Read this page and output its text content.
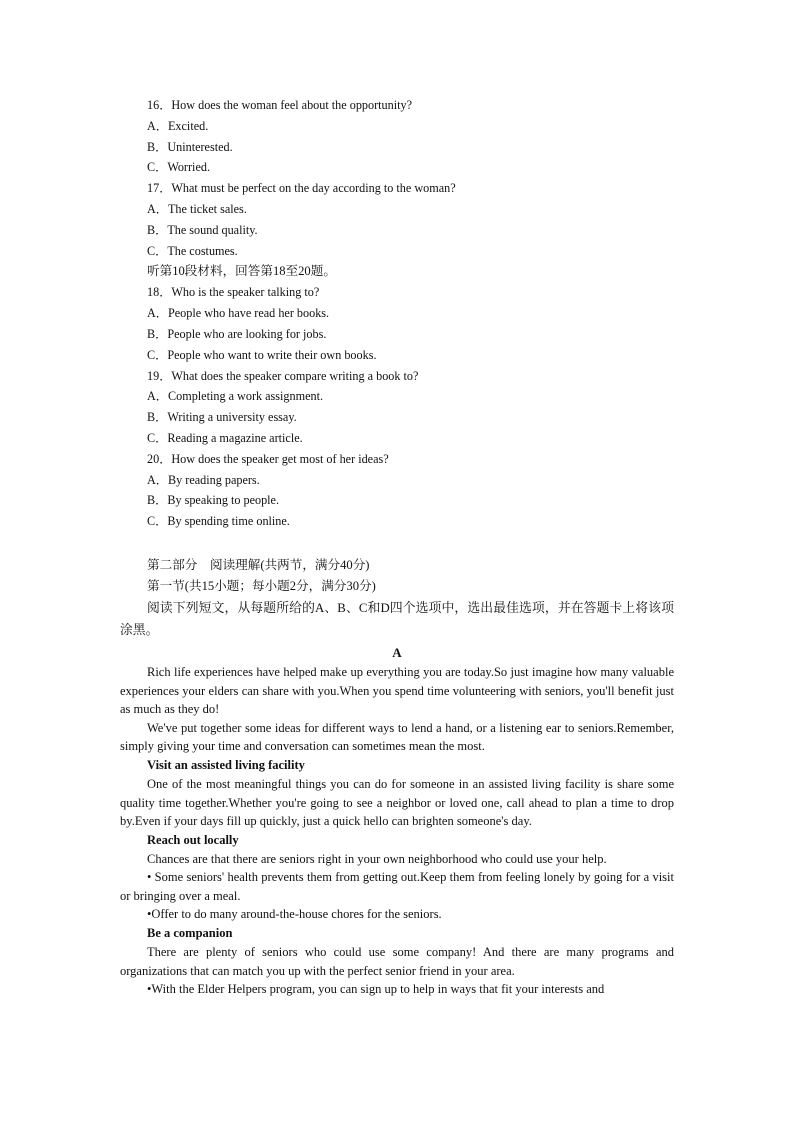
16．How does the woman feel about the opportunity?

A．Excited.

B．Uninterested.

C．Worried.

17．What must be perfect on the day according to the woman?

A．The ticket sales.

B．The sound quality.

C．The costumes.

听第10段材料，回答第18至20题。

18．Who is the speaker talking to?

A．People who have read her books.

B．People who are looking for jobs.

C．People who want to write their own books.

19．What does the speaker compare writing a book to?

A．Completing a work assignment.

B．Writing a university essay.

C．Reading a magazine article.

20．How does the speaker get most of her ideas?

A．By reading papers.

B．By speaking to people.

C．By spending time online.

第二部分　阅读理解(共两节，满分40分)

第一节(共15小题；每小题2分，满分30分)

阅读下列短文，从每题所给的A、B、C和D四个选项中，选出最佳选项，并在答题卡上将该项涂黑。

A

Rich life experiences have helped make up everything you are today.So just imagine how many valuable experiences your elders can share with you.When you spend time volunteering with seniors, you'll benefit just as much as they do!

We've put together some ideas for different ways to lend a hand, or a listening ear to seniors.Remember, simply giving your time and conversation can sometimes mean the most.

Visit an assisted living facility

One of the most meaningful things you can do for someone in an assisted living facility is share some quality time together.Whether you're going to see a neighbor or loved one, call ahead to plan a time to drop by.Even if your days fill up quickly, just a quick hello can brighten someone's day.

Reach out locally

Chances are that there are seniors right in your own neighborhood who could use your help.

• Some seniors' health prevents them from getting out.Keep them from feeling lonely by going for a visit or bringing over a meal.

•Offer to do many around-the-house chores for the seniors.

Be a companion

There are plenty of seniors who could use some company! And there are many programs and organizations that can match you up with the perfect senior friend in your area.

•With the Elder Helpers program, you can sign up to help in ways that fit your interests and
